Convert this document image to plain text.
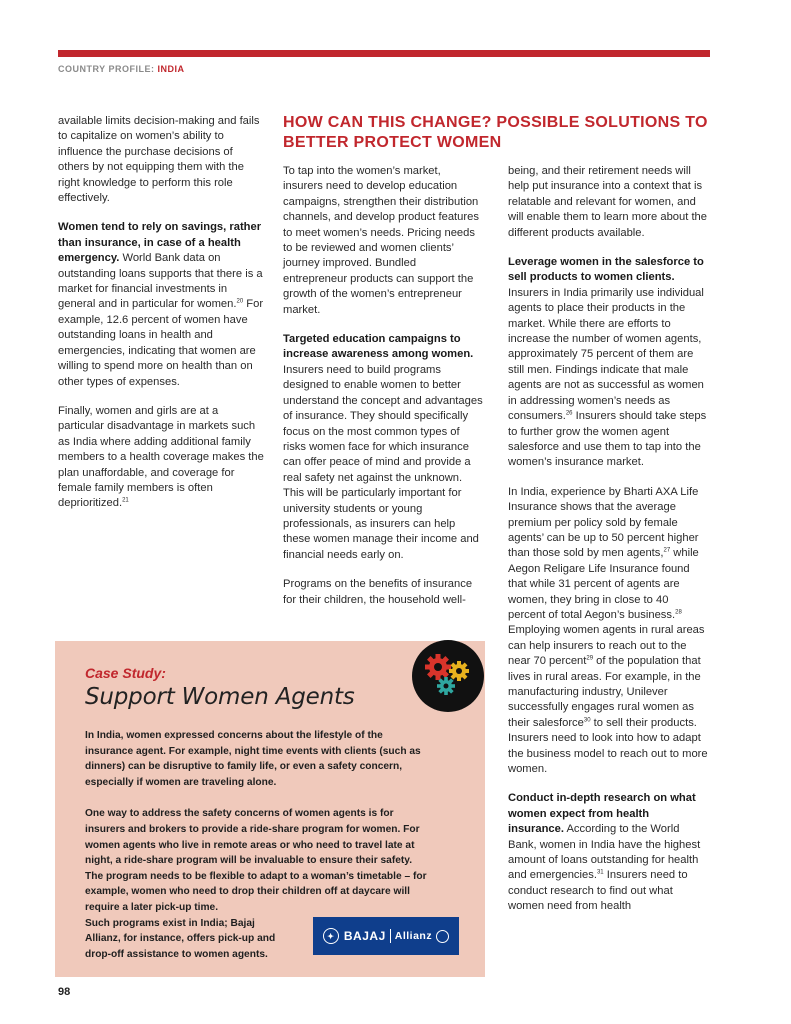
COUNTRY PROFILE: INDIA

available limits decision-making and fails to capitalize on women’s ability to influence the purchase decisions of others by not equipping them with the right knowledge to perform this role effectively.

Women tend to rely on savings, rather than insurance, in case of a health emergency. World Bank data on outstanding loans supports that there is a market for financial investments in general and in particular for women.$^{20}$ For example, 12.6 percent of women have outstanding loans in health and emergencies, indicating that women are willing to spend more on health than on other types of expenses.

Finally, women and girls are at a particular disadvantage in markets such as India where adding additional family members to a health coverage makes the plan unaffordable, and coverage for female family members is often deprioritized.$^{21}$

HOW CAN THIS CHANGE? POSSIBLE SOLUTIONS TO BETTER PROTECT WOMEN

To tap into the women’s market, insurers need to develop education campaigns, strengthen their distribution channels, and develop product features to meet women’s needs. Pricing needs to be reviewed and women clients’ journey improved. Bundled entrepreneur products can support the growth of the women’s entrepreneur market.

Targeted education campaigns to increase awareness among women. Insurers need to build programs designed to enable women to better understand the concept and advantages of insurance. They should specifically focus on the most common types of risks women face for which insurance can offer peace of mind and provide a real safety net against the unknown. This will be particularly important for university students or young professionals, as insurers can help these women manage their income and financial needs early on.

Programs on the benefits of insurance for their children, the household well-

being, and their retirement needs will help put insurance into a context that is relatable and relevant for women, and will enable them to learn more about the different products available.

Leverage women in the salesforce to sell products to women clients. Insurers in India primarily use individual agents to place their products in the market. While there are efforts to increase the number of women agents, approximately 75 percent of them are still men. Findings indicate that male agents are not as successful as women in addressing women’s needs as consumers.$^{26}$ Insurers should take steps to further grow the women agent salesforce and use them to tap into the women’s insurance market.

In India, experience by Bharti AXA Life Insurance shows that the average premium per policy sold by female agents’ can be up to 50 percent higher than those sold by men agents,$^{27}$ while Aegon Religare Life Insurance found that while 31 percent of agents are women, they bring in close to 40 percent of total Aegon’s business.$^{28}$ Employing women agents in rural areas can help insurers to reach out to the near 70 percent$^{29}$ of the population that lives in rural areas. For example, in the manufacturing industry, Unilever successfully engages rural women as their salesforce$^{30}$ to sell their products. Insurers need to look into how to adapt the business model to reach out to more women.

Conduct in-depth research on what women expect from health insurance. According to the World Bank, women in India have the highest amount of loans outstanding for health and emergencies.$^{31}$ Insurers need to conduct research to find out what women need from health

Case Study:
Support Women Agents

In India, women expressed concerns about the lifestyle of the insurance agent. For example, night time events with clients (such as dinners) can be disruptive to family life, or even a safety concern, especially if women are traveling alone.

One way to address the safety concerns of women agents is for insurers and brokers to provide a ride-share program for women. For women agents who live in remote areas or who need to travel late at night, a ride-share program will be invaluable to ensure their safety. The program needs to be flexible to adapt to a woman’s timetable – for example, women who need to drop their children off at daycare will require a later pick-up time.

Such programs exist in India; Bajaj Allianz, for instance, offers pick-up and drop-off assistance to women agents.

✦ BAJAJ Allianz
98
